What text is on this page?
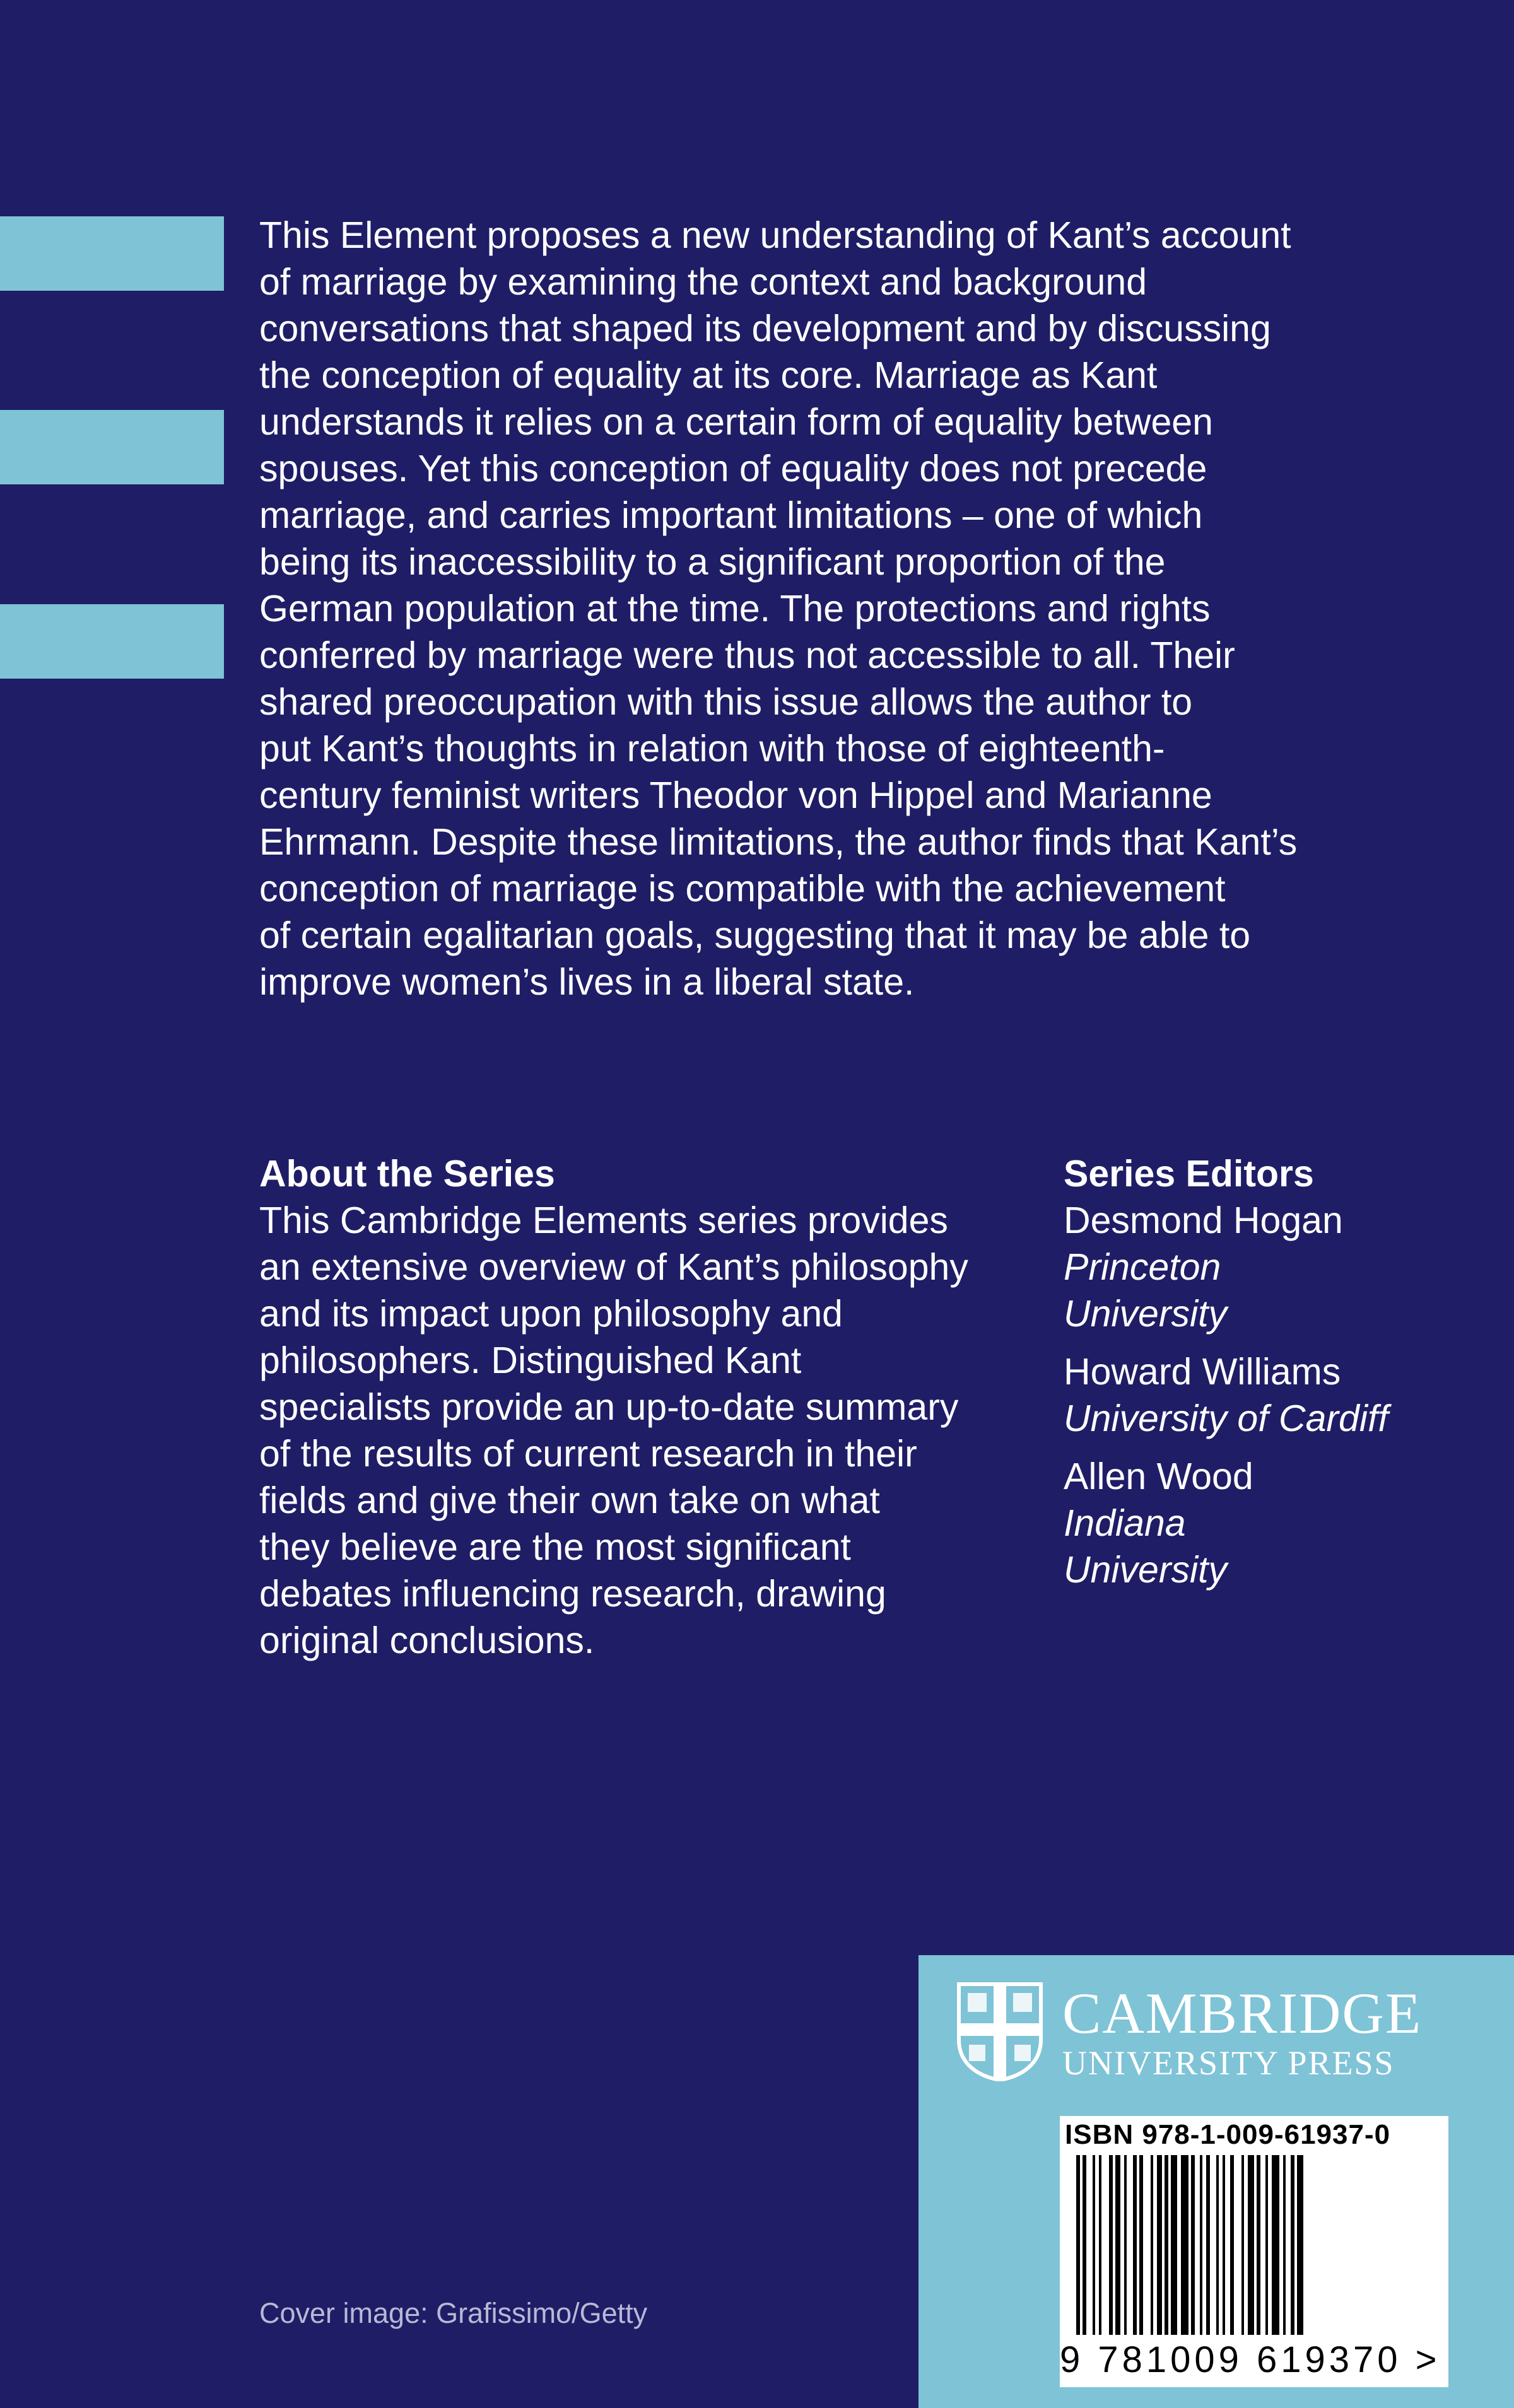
This Element proposes a new understanding of Kant’s account
of marriage by examining the context and background
conversations that shaped its development and by discussing
the conception of equality at its core. Marriage as Kant
understands it relies on a certain form of equality between
spouses. Yet this conception of equality does not precede
marriage, and carries important limitations – one of which
being its inaccessibility to a significant proportion of the
German population at the time. The protections and rights
conferred by marriage were thus not accessible to all. Their
shared preoccupation with this issue allows the author to
put Kant’s thoughts in relation with those of eighteenth-
century feminist writers Theodor von Hippel and Marianne
Ehrmann. Despite these limitations, the author finds that Kant’s
conception of marriage is compatible with the achievement
of certain egalitarian goals, suggesting that it may be able to
improve women’s lives in a liberal state.

About the Series

This Cambridge Elements series provides
an extensive overview of Kant’s philosophy
and its impact upon philosophy and
philosophers. Distinguished Kant
specialists provide an up-to-date summary
of the results of current research in their
fields and give their own take on what
they believe are the most significant
debates influencing research, drawing
original conclusions.

Series Editors

Desmond Hogan
Princeton
University
Howard Williams
University of Cardiff
Allen Wood
Indiana
University
Cover image: Grafissimo/Getty
CAMBRIDGE
UNIVERSITY PRESS
ISBN 978-1-009-61937-0
9 781009 619370 >
